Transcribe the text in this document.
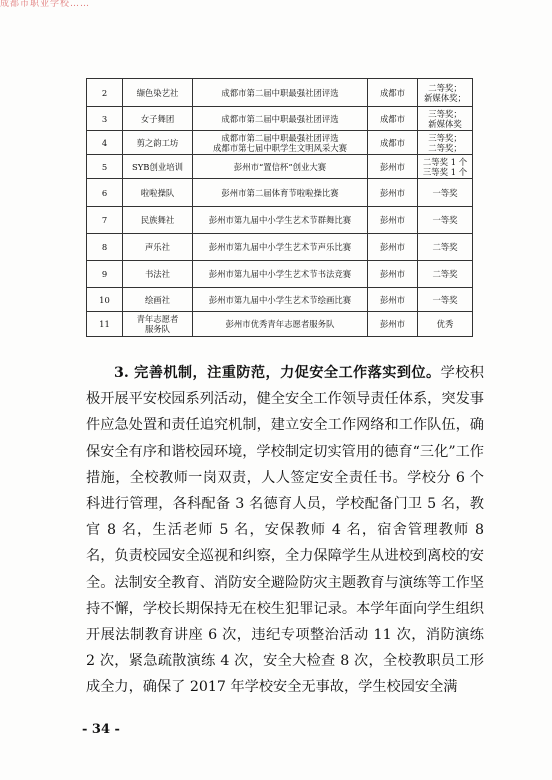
成都市职业学校……
2	缬色染艺社	成都市第二届中职最强社团评选	成都市	二等奖；
新媒体奖；
3	女子舞团	成都市第二届中职最强社团评选	成都市	三等奖；
新媒体奖
4	剪之韵工坊	成都市第二届中职最强社团评选
成都市第七届中职学生文明风采大赛	成都市	三等奖；
二等奖；
5	SYB创业培训	彭州市“置信杯”创业大赛	彭州市	二等奖 1 个
三等奖 1 个
6	啦啦操队	彭州市第二届体育节啦啦操比赛	彭州市	一等奖
7	民族舞社	彭州市第九届中小学生艺术节群舞比赛	彭州市	一等奖
8	声乐社	彭州市第九届中小学生艺术节声乐比赛	彭州市	二等奖
9	书法社	彭州市第九届中小学生艺术节书法竞赛	彭州市	二等奖
10	绘画社	彭州市第九届中小学生艺术节绘画比赛	彭州市	一等奖
11	青年志愿者
服务队	彭州市优秀青年志愿者服务队	彭州市	优秀

3. 完善机制，注重防范，力促安全工作落实到位。学校积极开展平安校园系列活动，健全安全工作领导责任体系，突发事件应急处置和责任追究机制，建立安全工作网络和工作队伍，确保安全有序和谐校园环境，学校制定切实管用的德育“三化”工作措施，全校教师一岗双责，人人签定安全责任书。学校分 6 个科进行管理，各科配备 3 名德育人员，学校配备门卫 5 名，教官 8 名，生活老师 5 名，安保教师 4 名，宿舍管理教师 8 名，负责校园安全巡视和纠察，全力保障学生从进校到离校的安全。法制安全教育、消防安全避险防灾主题教育与演练等工作坚持不懈，学校长期保持无在校生犯罪记录。本学年面向学生组织开展法制教育讲座 6 次，违纪专项整治活动 11 次，消防演练 2 次，紧急疏散演练 4 次，安全大检查 8 次，全校教职员工形成全力，确保了 2017 年学校安全无事故，学生校园安全满

- 34 -
